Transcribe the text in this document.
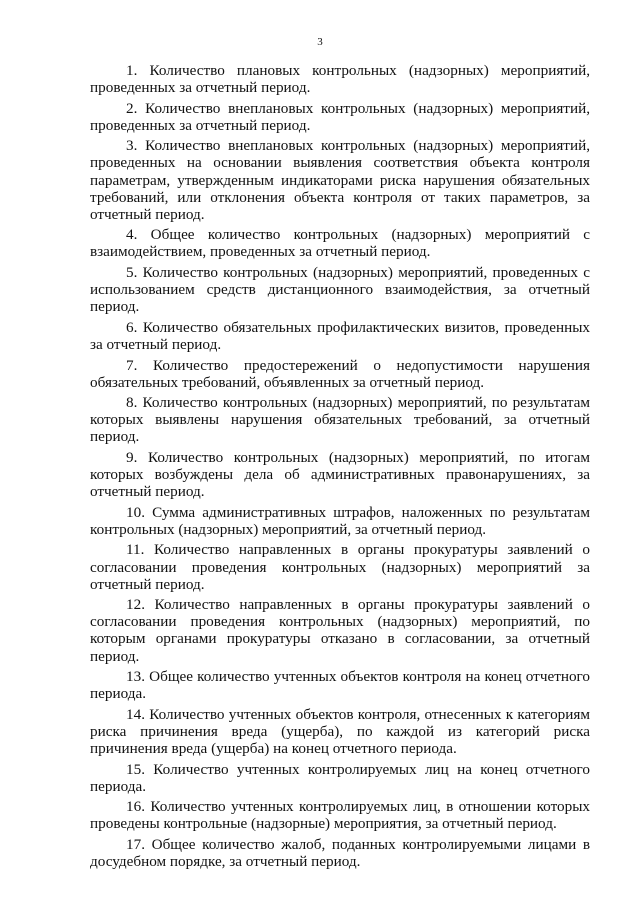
3

1. Количество плановых контрольных (надзорных) мероприятий, проведенных за отчетный период.

2. Количество внеплановых контрольных (надзорных) мероприятий, проведенных за отчетный период.

3. Количество внеплановых контрольных (надзорных) мероприятий, проведенных на основании выявления соответствия объекта контроля параметрам, утвержденным индикаторами риска нарушения обязательных требований, или отклонения объекта контроля от таких параметров, за отчетный период.

4. Общее количество контрольных (надзорных) мероприятий с взаимодействием, проведенных за отчетный период.

5. Количество контрольных (надзорных) мероприятий, проведенных с использованием средств дистанционного взаимодействия, за отчетный период.

6. Количество обязательных профилактических визитов, проведенных за отчетный период.

7. Количество предостережений о недопустимости нарушения обязательных требований, объявленных за отчетный период.

8. Количество контрольных (надзорных) мероприятий, по результатам которых выявлены нарушения обязательных требований, за отчетный период.

9. Количество контрольных (надзорных) мероприятий, по итогам которых возбуждены дела об административных правонарушениях, за отчетный период.

10. Сумма административных штрафов, наложенных по результатам контрольных (надзорных) мероприятий, за отчетный период.

11. Количество направленных в органы прокуратуры заявлений о согласовании проведения контрольных (надзорных) мероприятий за отчетный период.

12. Количество направленных в органы прокуратуры заявлений о согласовании проведения контрольных (надзорных) мероприятий, по которым органами прокуратуры отказано в согласовании, за отчетный период.

13. Общее количество учтенных объектов контроля на конец отчетного периода.

14. Количество учтенных объектов контроля, отнесенных к категориям риска причинения вреда (ущерба), по каждой из категорий риска причинения вреда (ущерба) на конец отчетного периода.

15. Количество учтенных контролируемых лиц на конец отчетного периода.

16. Количество учтенных контролируемых лиц, в отношении которых проведены контрольные (надзорные) мероприятия, за отчетный период.

17. Общее количество жалоб, поданных контролируемыми лицами в досудебном порядке, за отчетный период.
